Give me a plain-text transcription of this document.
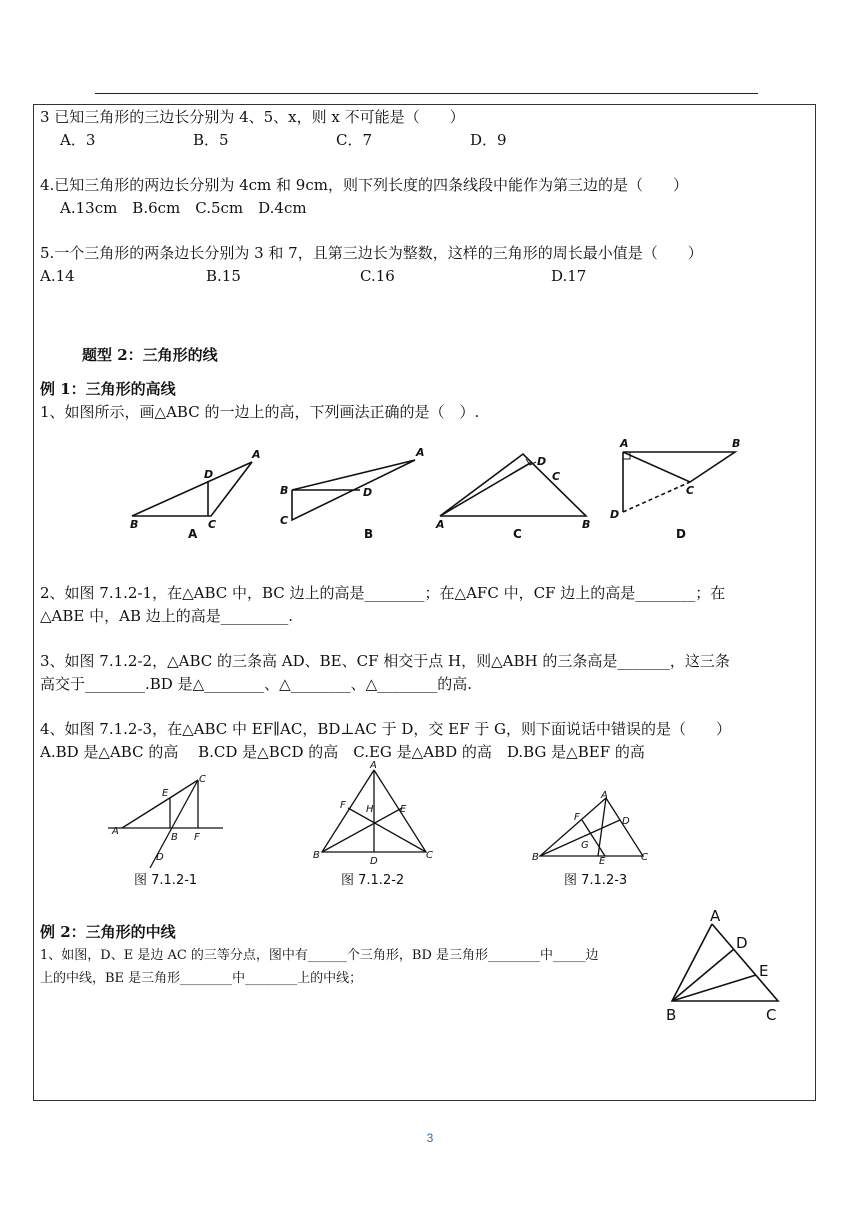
3 已知三角形的三边长分别为 4、5、x，则 x 不可能是（　　）
A．3	B．5	C．7	D．9
4.已知三角形的两边长分别为 4cm 和 9cm，则下列长度的四条线段中能作为第三边的是（　　）
A.13cm　B.6cm　C.5cm　D.4cm
5.一个三角形的两条边长分别为 3 和 7，且第三边长为整数，这样的三角形的周长最小值是（　　）
A.14	B.15	C.16	D.17
题型 2：三角形的线
例 1：三角形的高线
1、如图所示，画△ABC 的一边上的高，下列画法正确的是（　）.
A
D
B	C
A
B	D
C
D
C
A	B
A	B
C
D
A	B	C	D
2、如图 7.1.2-1，在△ABC 中，BC 边上的高是________；在△AFC 中，CF 边上的高是________；在
△ABE 中，AB 边上的高是_________.
3、如图 7.1.2-2，△ABC 的三条高 AD、BE、CF 相交于点 H，则△ABH 的三条高是_______，这三条
高交于________.BD 是△________、△________、△________的高.
4、如图 7.1.2-3，在△ABC 中 EF∥AC，BD⊥AC 于 D，交 EF 于 G，则下面说话中错误的是（　　）
A.BD 是△ABC 的高　 B.CD 是△BCD 的高　C.EG 是△ABD 的高　D.BG 是△BEF 的高
A
E
B
C
F
D
A
F	E
H
B	C
D
A
F	D
G
B	E	C
图 7.1.2-1	图 7.1.2-2	图 7.1.2-3
例 2：三角形的中线
1、如图，D、E 是边 AC 的三等分点，图中有______个三角形，BD 是三角形________中_____边
上的中线，BE 是三角形________中________上的中线；
A
D
E
B	C
3
